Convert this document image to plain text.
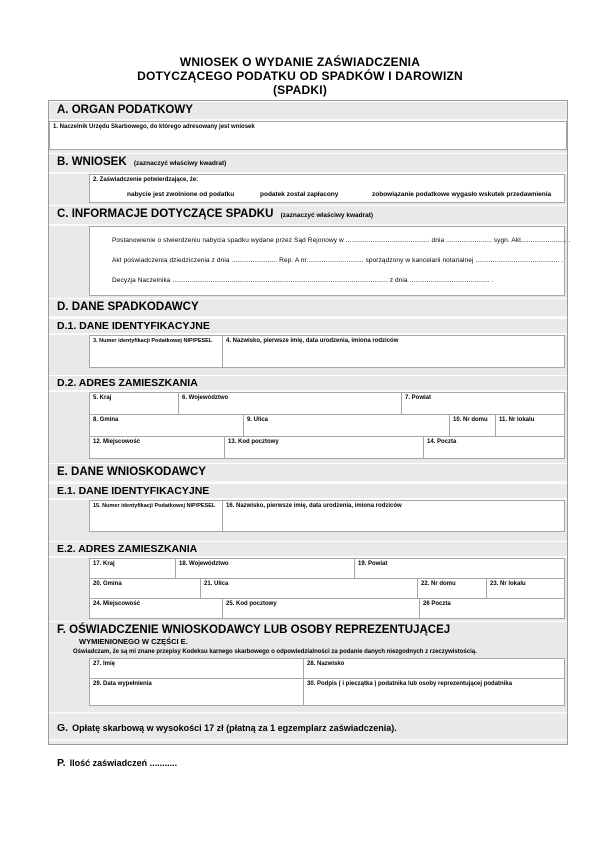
WNIOSEK O WYDANIE ZAŚWIADCZENIA
DOTYCZĄCEGO PODATKU OD SPADKÓW I DAROWIZN
(SPADKI)
A. ORGAN PODATKOWY
1. Naczelnik Urzędu Skarbowego, do którego adresowany jest wniosek
B. WNIOSEK (zaznaczyć właściwy kwadrat)
2. Zaświadczenie potwierdzające, że:
nabycie jest zwolnione od podatku	podatek został zapłacony	zobowiązanie podatkowe wygasło wskutek przedawnienia
C. INFORMACJE DOTYCZĄCE SPADKU (zaznaczyć właściwy kwadrat)
Postanowienie o stwierdzeniu nabycia spadku wydane przez Sąd Rejonowy w ............................................ dnia ........................ sygn. Akt........................ .
Akt poświadczenia dziedziczenia z dnia ........................ Rep. A nr.............................. sporządzony w kancelarii notarialnej ............................................ .
Decyzja Naczelnika ................................................................................................................. z dnia .......................................... .
D. DANE SPADKODAWCY
D.1. DANE IDENTYFIKACYJNE
3. Numer identyfikacji Podatkowej NIP/PESEL	4. Nazwisko, pierwsze imię, data urodzenia, imiona rodziców
D.2. ADRES ZAMIESZKANIA
5. Kraj	6. Województwo	7. Powiat
8. Gmina	9. Ulica	10. Nr domu	11. Nr lokalu
12. Miejscowość	13. Kod pocztowy	14. Poczta
E. DANE WNIOSKODAWCY
E.1. DANE IDENTYFIKACYJNE
15. Numer identyfikacji Podatkowej NIP/PESEL	16. Nazwisko, pierwsze imię, data urodzenia, imiona rodziców
E.2. ADRES ZAMIESZKANIA
17. Kraj	18. Województwo	19. Powiat
20. Gmina	21. Ulica	22. Nr domu	23. Nr lokalu
24. Miejscowość	25. Kod pocztowy	26 Poczta
F. OŚWIADCZENIE WNIOSKODAWCY LUB OSOBY REPREZENTUJĄCEJ
WYMIENIONEGO W CZĘŚCI E.
Oświadczam, że są mi znane przepisy Kodeksu karnego skarbowego o odpowiedzialności za podanie danych niezgodnych z rzeczywistością.
27. Imię	28. Nazwisko
29. Data wypełnienia	30. Podpis ( i pieczątka ) podatnika lub osoby reprezentującej podatnika
G. Opłatę skarbową w wysokości 17 zł (płatną za 1 egzemplarz zaświadczenia).
P. Ilość zaświadczeń ...........
